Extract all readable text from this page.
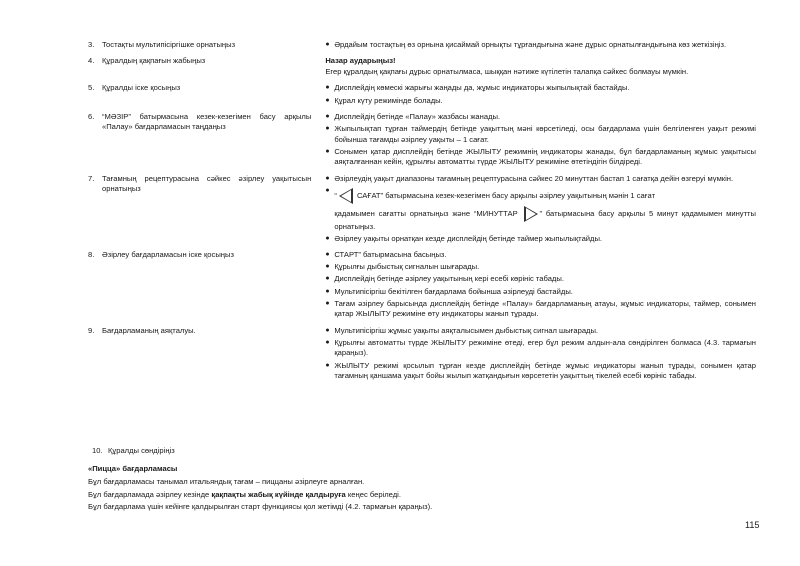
3.	Тостақты мультипісіргішке орнатыңыз	● Әрдайым тостақтың өз орнына қисаймай орнықты тұрғандығына және дұрыс орнатылғандығына көз жеткізіңіз.
4.	Құралдың қақпағын жабыңыз	Назар аударыңыз!
Егер құралдың қақпағы дұрыс орнатылмаса, шыққан нәтиже күтілетін талапқа сәйкес болмауы мүмкін.
5.	Құралды іске қосыңыз	● Дисплейдің көмескі жарығы жаңады да, жұмыс индикаторы жыпылықтай бастайды.
● Құрал күту режимінде болады.
6.	“МӘЗІР” батырмасына кезек-кезегімен басу арқылы «Палау» бағдарламасын таңдаңыз
● Дисплейдің бетінде «Палау» жазбасы жанады.
● Жыпылықтап тұрған таймердің бетінде уақыттың мәні көрсетіледі, осы бағдарлама үшін белгіленген уақыт режимі бойынша тағамды әзірлеу уақыты – 1 сағат.
● Сонымен қатар дисплейдің бетінде ЖЫЛЫТУ режимнің индикаторы жанады, бұл бағдарламаның жұмыс уақытысы аяқталғаннан кейін, құрылғы автоматты түрде ЖЫЛЫТУ режиміне өтетіндігін білдіреді.
7.	Тағамның рецептурасына сәйкес әзірлеу уақытысын орнатыңыз
● Әзірлеудің уақыт диапазоны тағамның рецептурасына сәйкес 20 минуттан бастап 1 сағатқа дейін өзгеруі мүмкін.
●
“ САҒАТ” батырмасына кезек-кезегімен басу арқылы әзірлеу уақытының мәнін 1 сағат
қадамымен сағатты орнатыңыз және “МИНУТТАР ” батырмасына басу арқылы 5 минут қадамымен минутты орнатыңыз.
● Әзірлеу уақыты орнатқан кезде дисплейдің бетінде таймер жыпылықтайды.
8.	Әзірлеу бағдарламасын іске қосыңыз	● СТАРТ” батырмасына басыңыз.
● Құрылғы дыбыстық сигналын шығарады.
● Дисплейдің бетінде әзірлеу уақытының кері есебі көрініс табады.
● Мультипісіргіш бекітілген бағдарлама бойынша әзірлеуді бастайды.
● Тағам әзірлеу барысында дисплейдің бетінде «Палау» бағдарламаның атауы, жұмыс индикаторы, таймер, сонымен қатар ЖЫЛЫТУ режиміне өту индикаторы жанып тұрады.
9.	Бағдарламаның аяқталуы.	● Мультипісіргіш жұмыс уақыты аяқталысымен дыбыстық сигнал шығарады.
● Құрылғы автоматты түрде ЖЫЛЫТУ режиміне өтеді, егер бұл режим алдын-ала сөндірілген болмаса (4.3. тармағын қараңыз).
● ЖЫЛЫТУ режимі қосылып тұрған кезде дисплейдің бетінде жұмыс индикаторы жанып тұрады, сонымен қатар тағамның қаншама уақыт бойы жылып жатқандығын көрсететін уақыттың тікелей есебі көрініс табады.
10. Құралды сөндіріңіз
«Пицца» бағдарламасы
Бұл бағдарламасы танымал итальяндық тағам – пиццаны әзірлеуге арналған.
Бұл бағдарламада әзірлеу кезінде қақпақты жабық күйінде қалдыруға кеңес беріледі.
Бұл бағдарлама үшін кейінге қалдырылған старт функциясы қол жетімді (4.2. тармағын қараңыз).
115
